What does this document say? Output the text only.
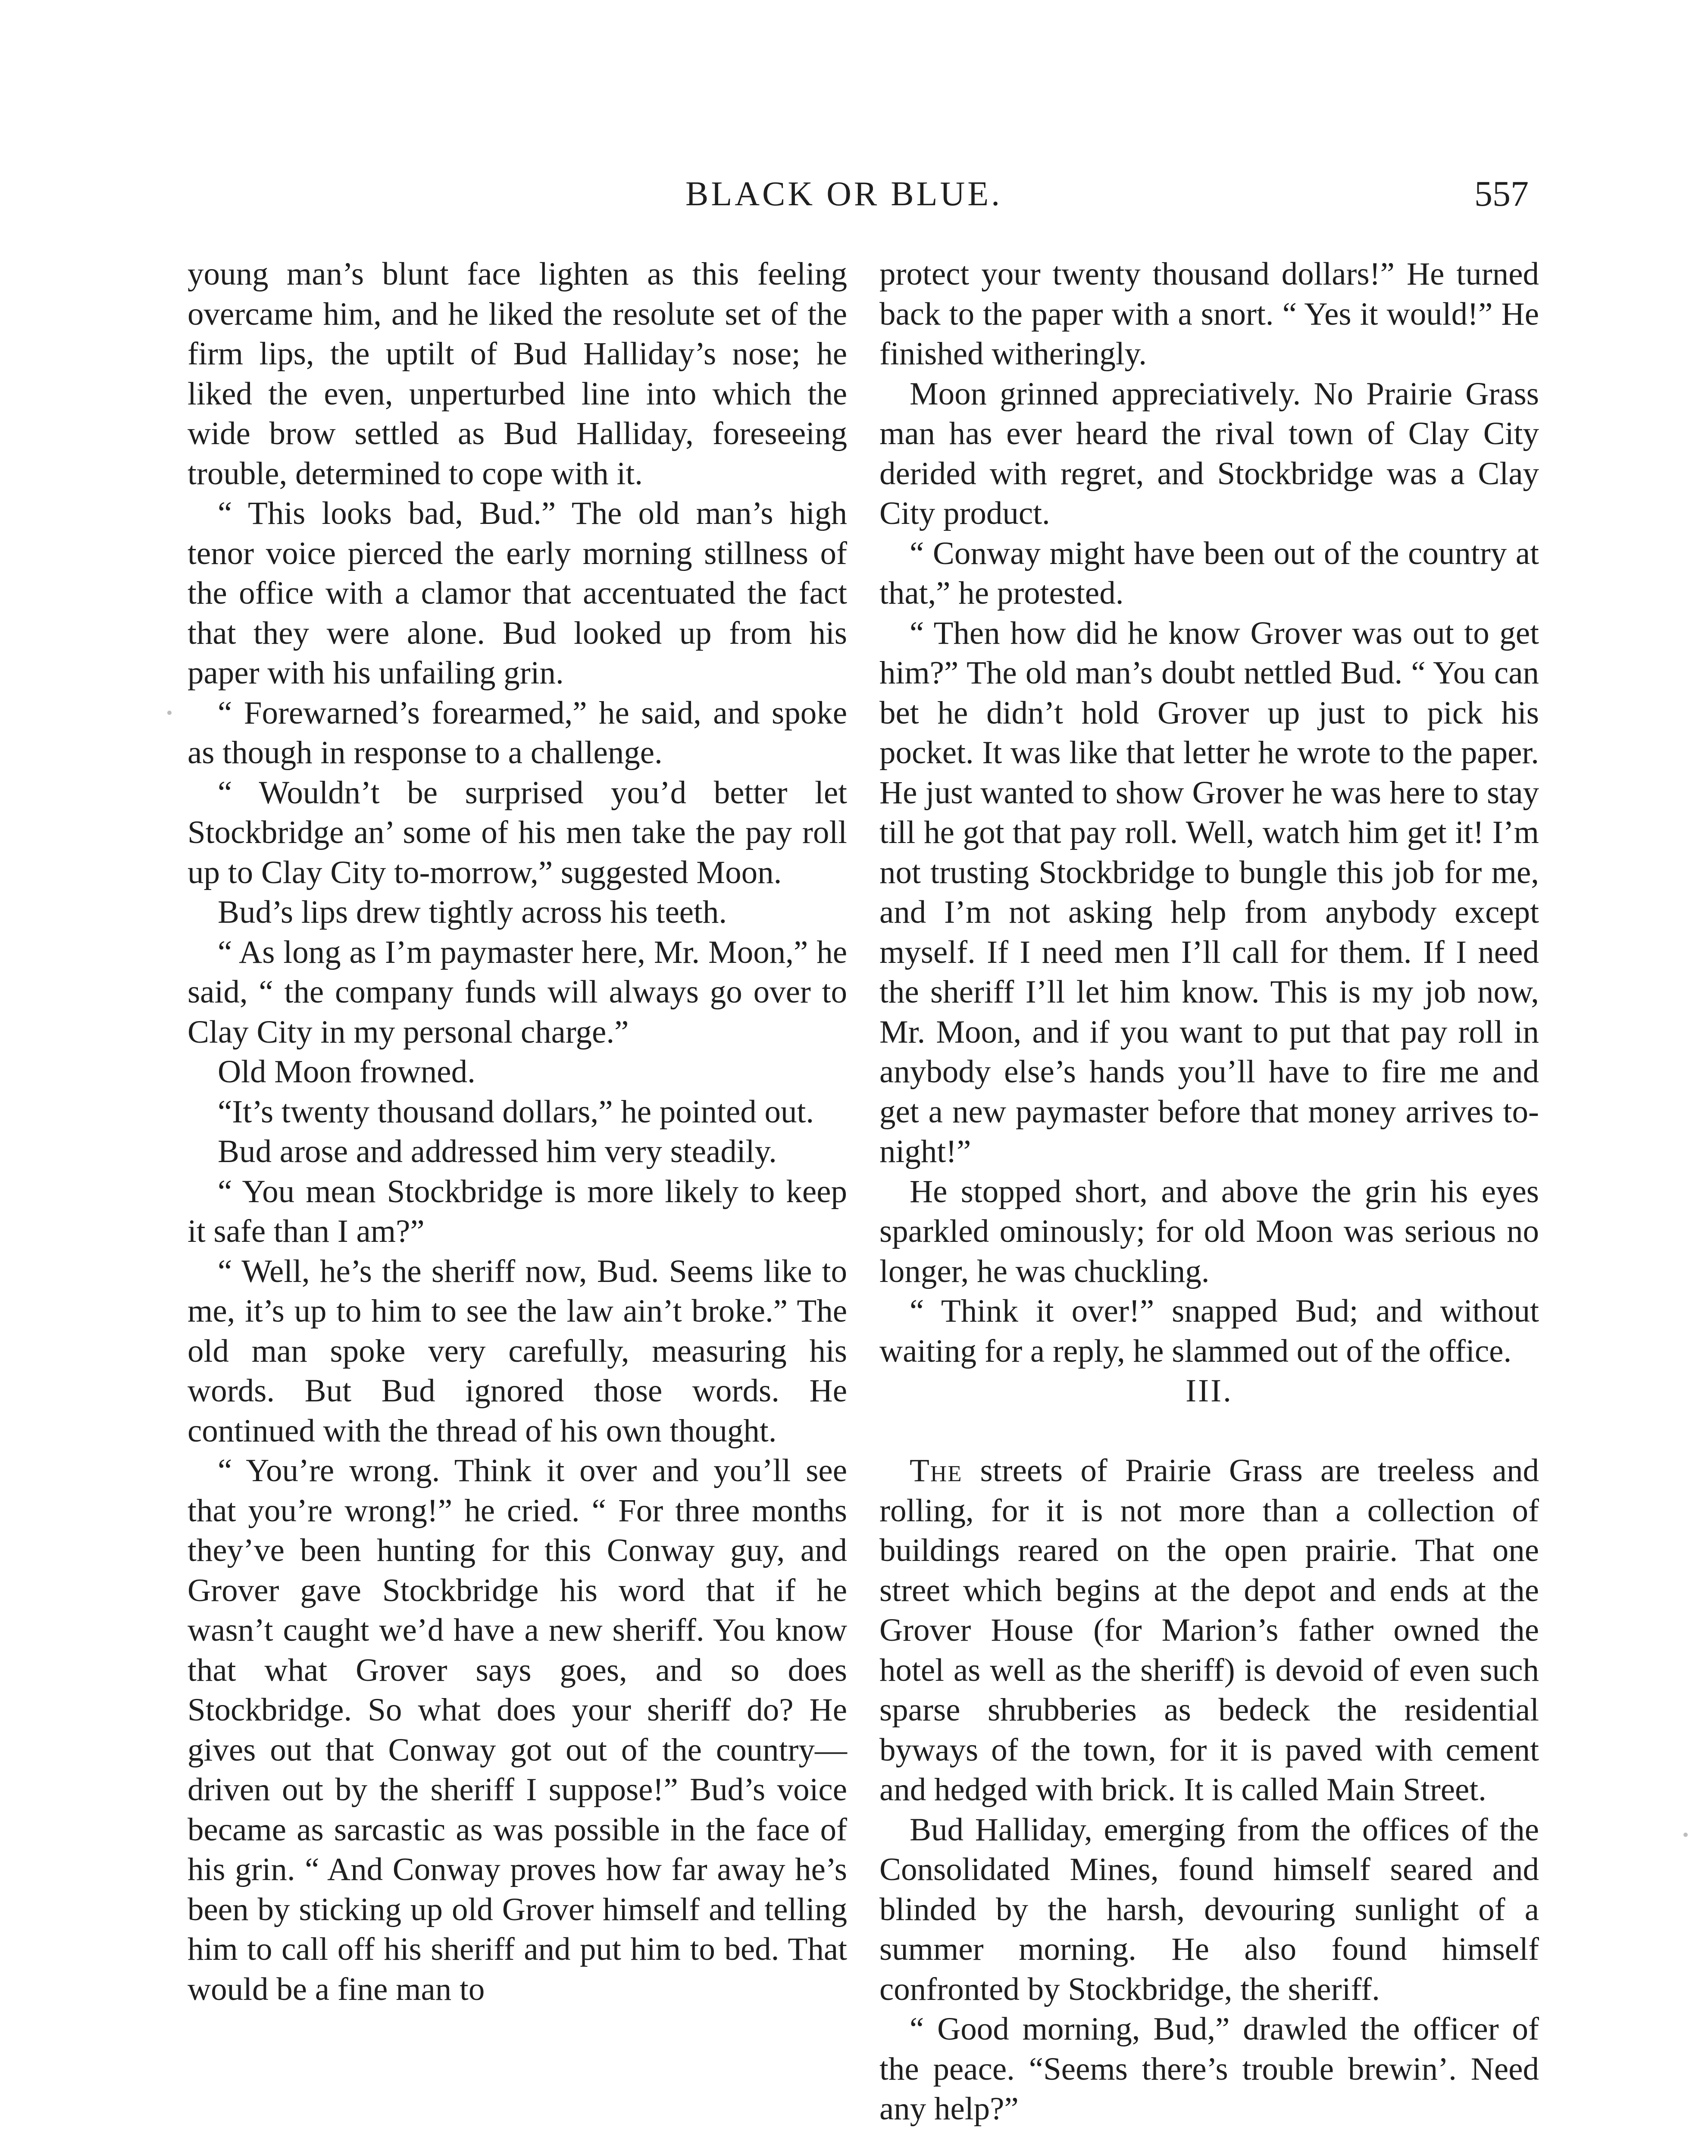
BLACK OR BLUE.	557

young man’s blunt face lighten as this feeling overcame him, and he liked the resolute set of the firm lips, the uptilt of Bud Halliday’s nose; he liked the even, unperturbed line into which the wide brow settled as Bud Halliday, foreseeing trouble, determined to cope with it.

“ This looks bad, Bud.” The old man’s high tenor voice pierced the early morning stillness of the office with a clamor that accentuated the fact that they were alone. Bud looked up from his paper with his unfailing grin.

“ Forewarned’s forearmed,” he said, and spoke as though in response to a challenge.

“ Wouldn’t be surprised you’d better let Stockbridge an’ some of his men take the pay roll up to Clay City to-morrow,” suggested Moon.

Bud’s lips drew tightly across his teeth.

“ As long as I’m paymaster here, Mr. Moon,” he said, “ the company funds will always go over to Clay City in my personal charge.”

Old Moon frowned.

“It’s twenty thousand dollars,” he pointed out.

Bud arose and addressed him very steadily.

“ You mean Stockbridge is more likely to keep it safe than I am?”

“ Well, he’s the sheriff now, Bud. Seems like to me, it’s up to him to see the law ain’t broke.” The old man spoke very carefully, measuring his words. But Bud ignored those words. He continued with the thread of his own thought.

“ You’re wrong. Think it over and you’ll see that you’re wrong!” he cried. “ For three months they’ve been hunting for this Conway guy, and Grover gave Stockbridge his word that if he wasn’t caught we’d have a new sheriff. You know that what Grover says goes, and so does Stockbridge. So what does your sheriff do? He gives out that Conway got out of the country—driven out by the sheriff I suppose!” Bud’s voice became as sarcastic as was possible in the face of his grin. “ And Conway proves how far away he’s been by sticking up old Grover himself and telling him to call off his sheriff and put him to bed. That would be a fine man to

protect your twenty thousand dollars!” He turned back to the paper with a snort. “ Yes it would!” He finished witheringly.

Moon grinned appreciatively. No Prairie Grass man has ever heard the rival town of Clay City derided with regret, and Stockbridge was a Clay City product.

“ Conway might have been out of the country at that,” he protested.

“ Then how did he know Grover was out to get him?” The old man’s doubt nettled Bud. “ You can bet he didn’t hold Grover up just to pick his pocket. It was like that letter he wrote to the paper. He just wanted to show Grover he was here to stay till he got that pay roll. Well, watch him get it! I’m not trusting Stockbridge to bungle this job for me, and I’m not asking help from anybody except myself. If I need men I’ll call for them. If I need the sheriff I’ll let him know. This is my job now, Mr. Moon, and if you want to put that pay roll in anybody else’s hands you’ll have to fire me and get a new paymaster before that money arrives to-night!”

He stopped short, and above the grin his eyes sparkled ominously; for old Moon was serious no longer, he was chuckling.

“ Think it over!” snapped Bud; and without waiting for a reply, he slammed out of the office.

III.

The streets of Prairie Grass are treeless and rolling, for it is not more than a collection of buildings reared on the open prairie. That one street which begins at the depot and ends at the Grover House (for Marion’s father owned the hotel as well as the sheriff) is devoid of even such sparse shrubberies as bedeck the residential byways of the town, for it is paved with cement and hedged with brick. It is called Main Street.

Bud Halliday, emerging from the offices of the Consolidated Mines, found himself seared and blinded by the harsh, devouring sunlight of a summer morning. He also found himself confronted by Stockbridge, the sheriff.

“ Good morning, Bud,” drawled the officer of the peace. “Seems there’s trouble brewin’. Need any help?”
